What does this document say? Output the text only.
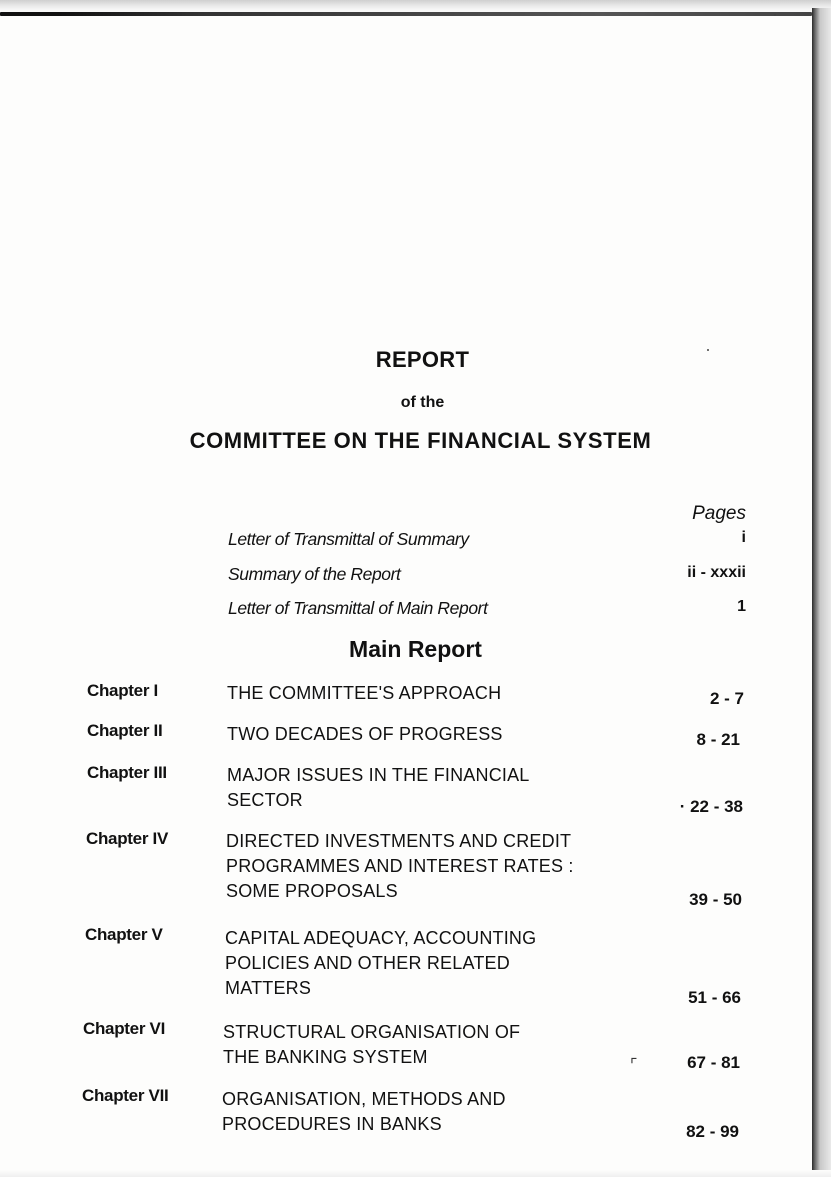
REPORT
of the
COMMITTEE ON THE FINANCIAL SYSTEM
Pages
Letter of Transmittal of Summary	i
Summary of the Report	ii - xxxii
Letter of Transmittal of Main Report	1
Main Report
Chapter I	THE COMMITTEE'S APPROACH	2 - 7
Chapter II	TWO DECADES OF PROGRESS	8 - 21
Chapter III	MAJOR ISSUES IN THE FINANCIAL
SECTOR	· 22 - 38
Chapter IV	DIRECTED INVESTMENTS AND CREDIT
PROGRAMMES AND INTEREST RATES :
SOME PROPOSALS	39 - 50
Chapter V	CAPITAL ADEQUACY, ACCOUNTING
POLICIES AND OTHER RELATED
MATTERS	51 - 66
Chapter VI	STRUCTURAL ORGANISATION OF
THE BANKING SYSTEM	67 - 81
⌜
Chapter VII	ORGANISATION, METHODS AND
PROCEDURES IN BANKS	82 - 99
